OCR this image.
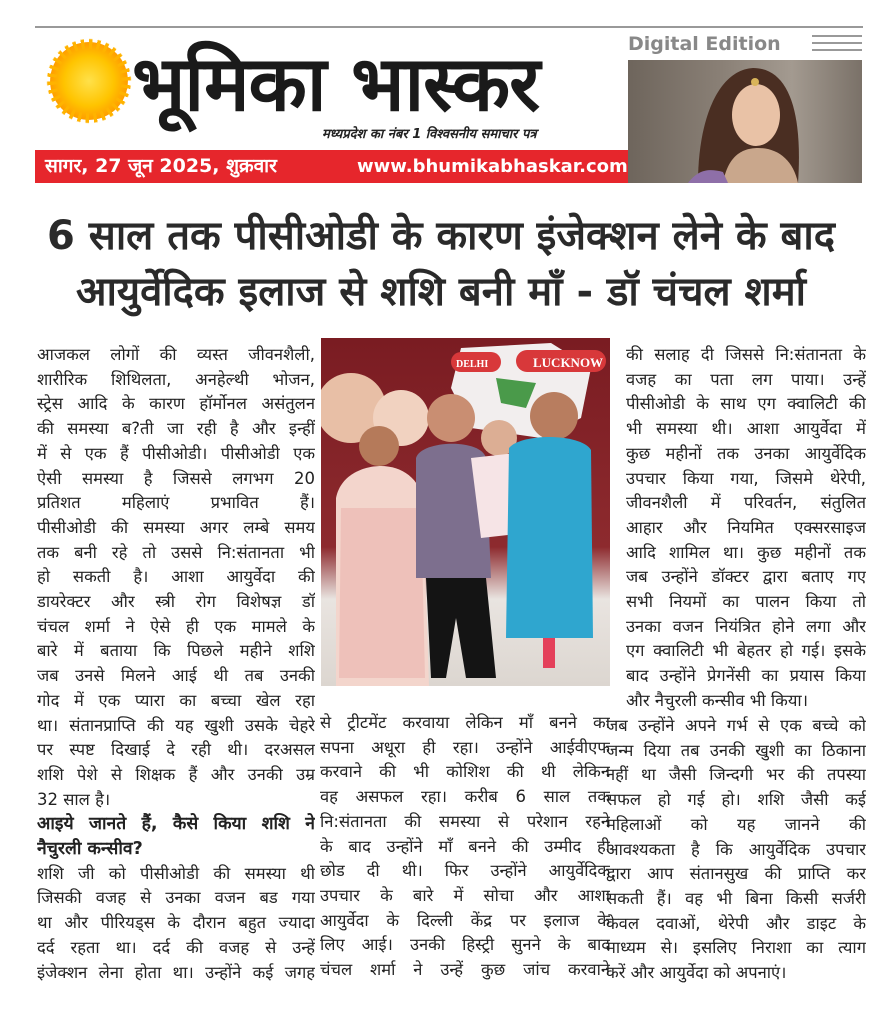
भूमिका भास्कर
मध्यप्रदेश का नंबर 1 विश्वसनीय समाचार पत्र
सागर, 27 जून 2025, शुक्रवार	www.bhumikabhaskar.com
Digital Edition
6 साल तक पीसीओडी के कारण इंजेक्शन लेने के बाद
आयुर्वेदिक इलाज से शशि बनी माँ - डॉ चंचल शर्मा
आजकल लोगों की व्यस्त जीवनशैली,
शारीरिक शिथिलता, अनहेल्थी भोजन,
स्ट्रेस आदि के कारण हॉर्मोनल असंतुलन
की समस्या ब?ती जा रही है और इन्हीं
में से एक हैं पीसीओडी। पीसीओडी एक
ऐसी समस्या है जिससे लगभग 20
प्रतिशत महिलाएं प्रभावित हैं।
पीसीओडी की समस्या अगर लम्बे समय
तक बनी रहे तो उससे नि:संतानता भी
हो सकती है। आशा आयुर्वेदा की
डायरेक्टर और स्त्री रोग विशेषज्ञ डॉ
चंचल शर्मा ने ऐसे ही एक मामले के
बारे में बताया कि पिछले महीने शशि
जब उनसे मिलने आई थी तब उनकी
गोद में एक प्यारा का बच्चा खेल रहा
था। संतानप्राप्ति की यह खुशी उसके चेहरे
पर स्पष्ट दिखाई दे रही थी। दरअसल
शशि पेशे से शिक्षक हैं और उनकी उम्र
32 साल है।
आइये जानते हैं, कैसे किया शशि ने
नैचुरली कन्सीव?
शशि जी को पीसीओडी की समस्या थी
जिसकी वजह से उनका वजन बड गया
था और पीरियड्स के दौरान बहुत ज्यादा
दर्द रहता था। दर्द की वजह से उन्हें
इंजेक्शन लेना होता था। उन्होंने कई जगह
DELHI	LUCKNOW
से ट्रीटमेंट करवाया लेकिन माँ बनने का
सपना अधूरा ही रहा। उन्होंने आईवीएफ
करवाने की भी कोशिश की थी लेकिन
वह असफल रहा। करीब 6 साल तक
नि:संतानता की समस्या से परेशान रहने
के बाद उन्होंने माँ बनने की उम्मीद ही
छोड दी थी। फिर उन्होंने आयुर्वेदिक
उपचार के बारे में सोचा और आशा
आयुर्वेदा के दिल्ली केंद्र पर इलाज के
लिए आई। उनकी हिस्ट्री सुनने के बाद
चंचल शर्मा ने उन्हें कुछ जांच करवाने
की सलाह दी जिससे नि:संतानता के
वजह का पता लग पाया। उन्हें
पीसीओडी के साथ एग क्वालिटी की
भी समस्या थी। आशा आयुर्वेदा में
कुछ महीनों तक उनका आयुर्वेदिक
उपचार किया गया, जिसमे थेरेपी,
जीवनशैली में परिवर्तन, संतुलित
आहार और नियमित एक्सरसाइज
आदि शामिल था। कुछ महीनों तक
जब उन्होंने डॉक्टर द्वारा बताए गए
सभी नियमों का पालन किया तो
उनका वजन नियंत्रित होने लगा और
एग क्वालिटी भी बेहतर हो गई। इसके
बाद उन्होंने प्रेगनेंसी का प्रयास किया
और नैचुरली कन्सीव भी किया।
जब उन्होंने अपने गर्भ से एक बच्चे को
जन्म दिया तब उनकी खुशी का ठिकाना
नहीं था जैसी जिन्दगी भर की तपस्या
सफल हो गई हो। शशि जैसी कई
महिलाओं को यह जानने की
आवश्यकता है कि आयुर्वेदिक उपचार
द्वारा आप संतानसुख की प्राप्ति कर
सकती हैं। वह भी बिना किसी सर्जरी
केवल दवाओं, थेरेपी और डाइट के
माध्यम से। इसलिए निराशा का त्याग
करें और आयुर्वेदा को अपनाएं।
